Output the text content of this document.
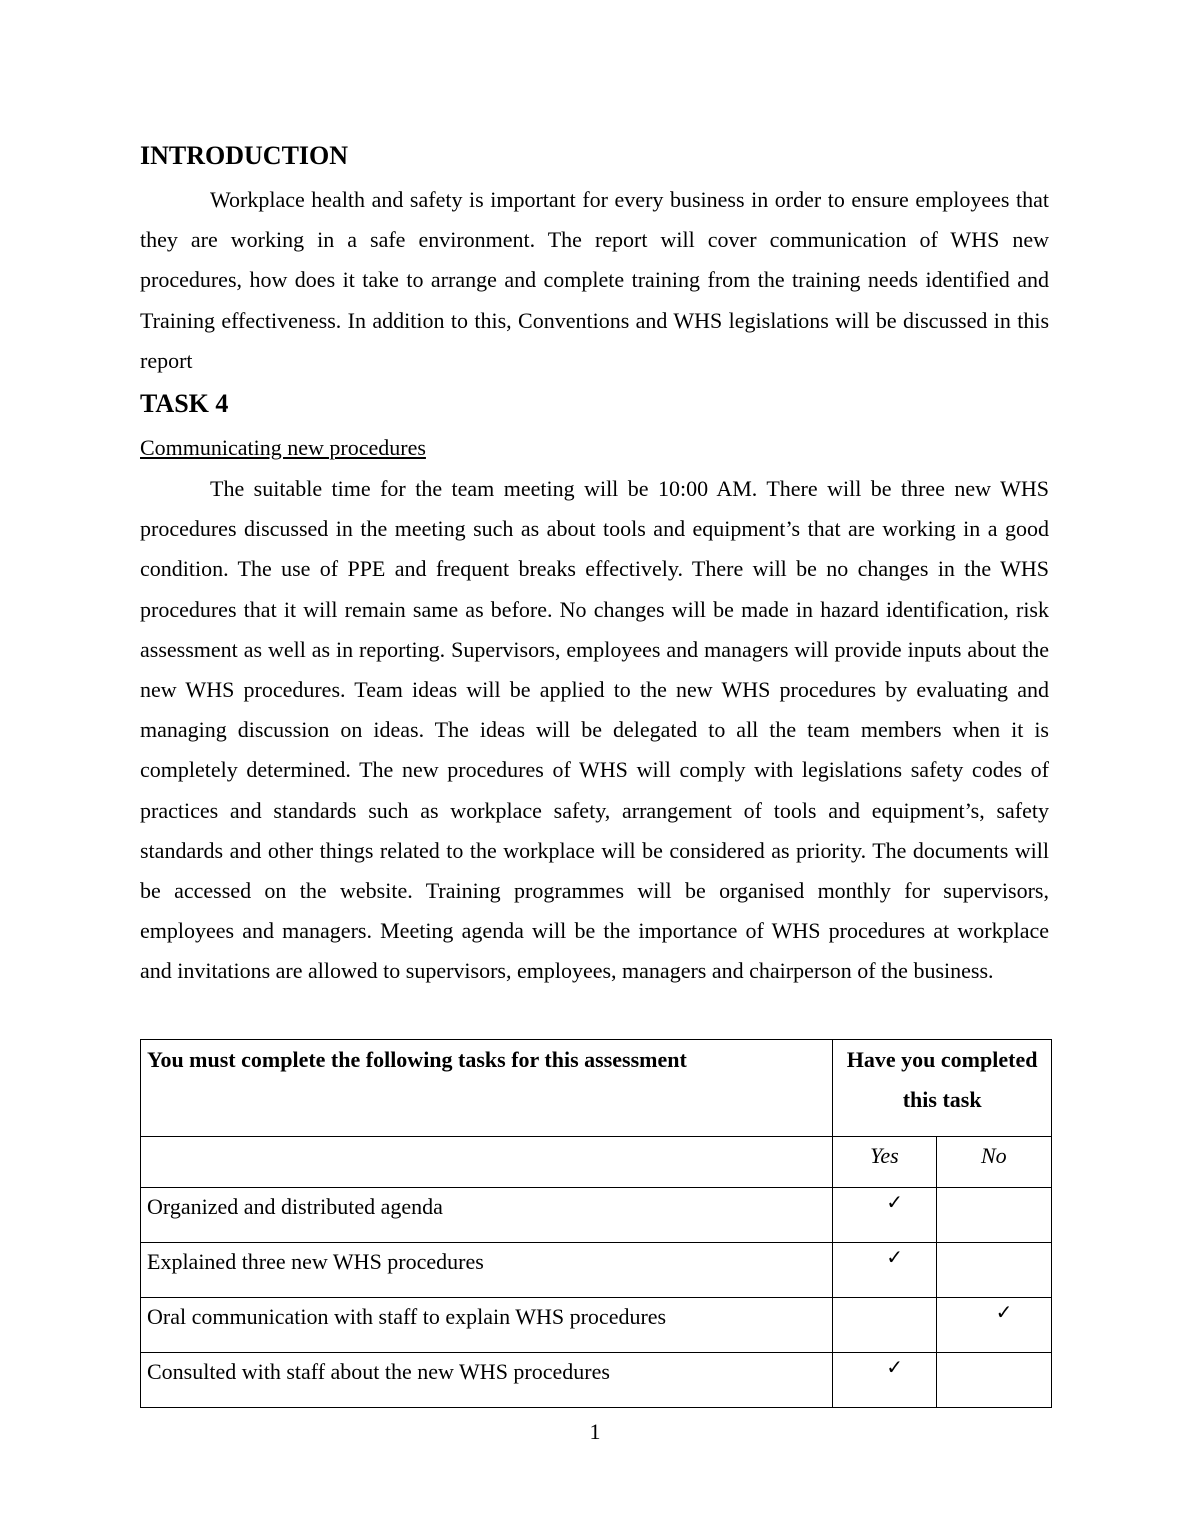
INTRODUCTION

Workplace health and safety is important for every business in order to ensure employees that they are working in a safe environment. The report will cover communication of WHS new procedures, how does it take to arrange and complete training from the training needs identified and Training effectiveness. In addition to this, Conventions and WHS legislations will be discussed in this report

TASK 4

Communicating new procedures

The suitable time for the team meeting will be 10:00 AM. There will be three new WHS procedures discussed in the meeting such as about tools and equipment’s that are working in a good condition. The use of PPE and frequent breaks effectively. There will be no changes in the WHS procedures that it will remain same as before. No changes will be made in hazard identification, risk assessment as well as in reporting. Supervisors, employees and managers will provide inputs about the new WHS procedures. Team ideas will be applied to the new WHS procedures by evaluating and managing discussion on ideas. The ideas will be delegated to all the team members when it is completely determined. The new procedures of WHS will comply with legislations safety codes of practices and standards such as workplace safety, arrangement of tools and equipment’s, safety standards and other things related to the workplace will be considered as priority. The documents will be accessed on the website. Training programmes will be organised monthly for supervisors, employees and managers. Meeting agenda will be the importance of WHS procedures at workplace and invitations are allowed to supervisors, employees, managers and chairperson of the business.

You must complete the following tasks for this assessment	Have you completed this task	
	Yes	No
Organized and distributed agenda	✓	
Explained three new WHS procedures	✓	
Oral communication with staff to explain WHS procedures		✓
Consulted with staff about the new WHS procedures	✓	
1
